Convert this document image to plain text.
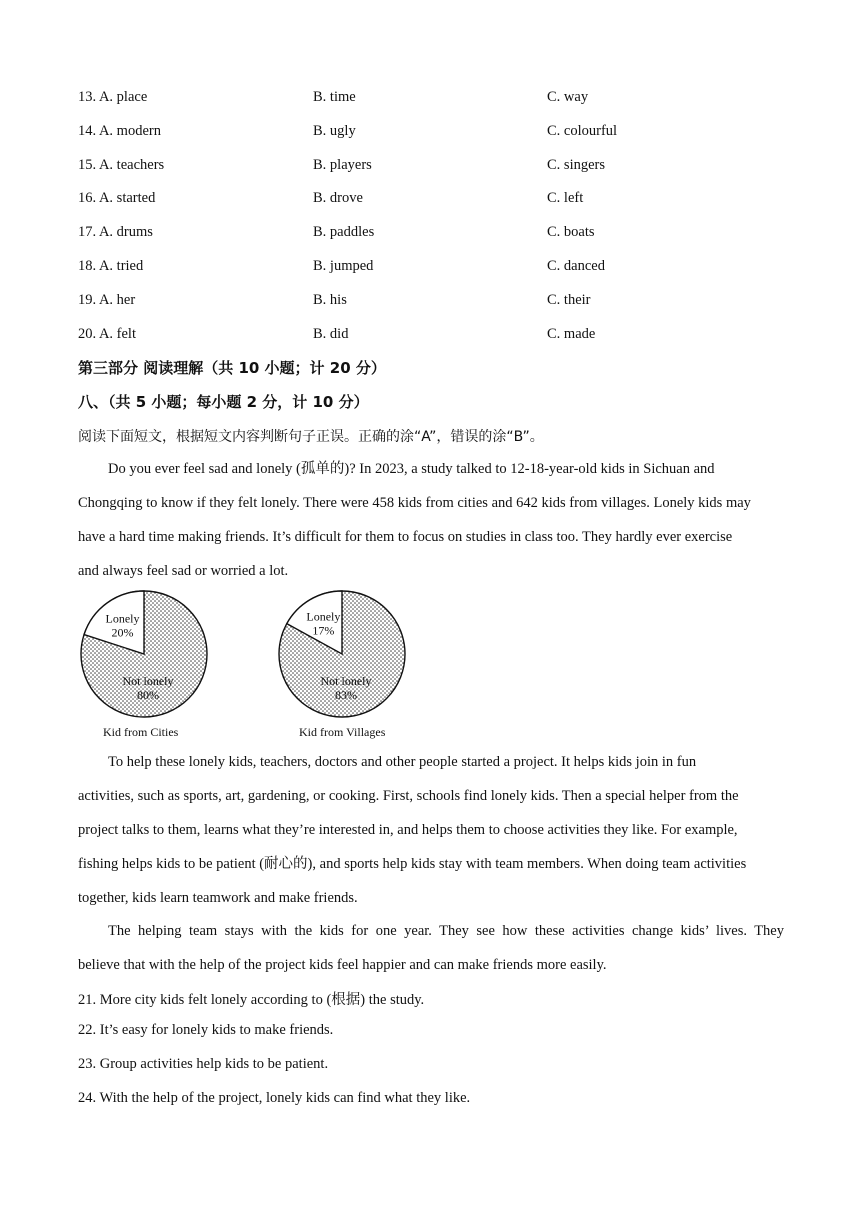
13. A. place	B. time	C. way
14. A. modern	B. ugly	C. colourful
15. A. teachers	B. players	C. singers
16. A. started	B. drove	C. left
17. A. drums	B. paddles	C. boats
18. A. tried	B. jumped	C. danced
19. A. her	B. his	C. their
20. A. felt	B. did	C. made
第三部分 阅读理解（共 10 小题；计 20 分）
八、（共 5 小题；每小题 2 分，计 10 分）
阅读下面短文，根据短文内容判断句子正误。正确的涂“A”，错误的涂“B”。
Do you ever feel sad and lonely (孤单的)? In 2023, a study talked to 12-18-year-old kids in Sichuan and
Chongqing to know if they felt lonely. There were 458 kids from cities and 642 kids from villages. Lonely kids may
have a hard time making friends. It’s difficult for them to focus on studies in class too. They hardly ever exercise
and always feel sad or worried a lot.
Lonely
20%
Not lonely
80%
Kid from Cities
Lonely
17%
Not lonely
83%
Kid from Villages
To help these lonely kids, teachers, doctors and other people started a project. It helps kids join in fun
activities, such as sports, art, gardening, or cooking. First, schools find lonely kids. Then a special helper from the
project talks to them, learns what they’re interested in, and helps them to choose activities they like. For example,
fishing helps kids to be patient (耐心的), and sports help kids stay with team members. When doing team activities
together, kids learn teamwork and make friends.
The helping team stays with the kids for one year. They see how these activities change kids’ lives. They
believe that with the help of the project kids feel happier and can make friends more easily.
21. More city kids felt lonely according to (根据) the study.
22. It’s easy for lonely kids to make friends.
23. Group activities help kids to be patient.
24. With the help of the project, lonely kids can find what they like.
